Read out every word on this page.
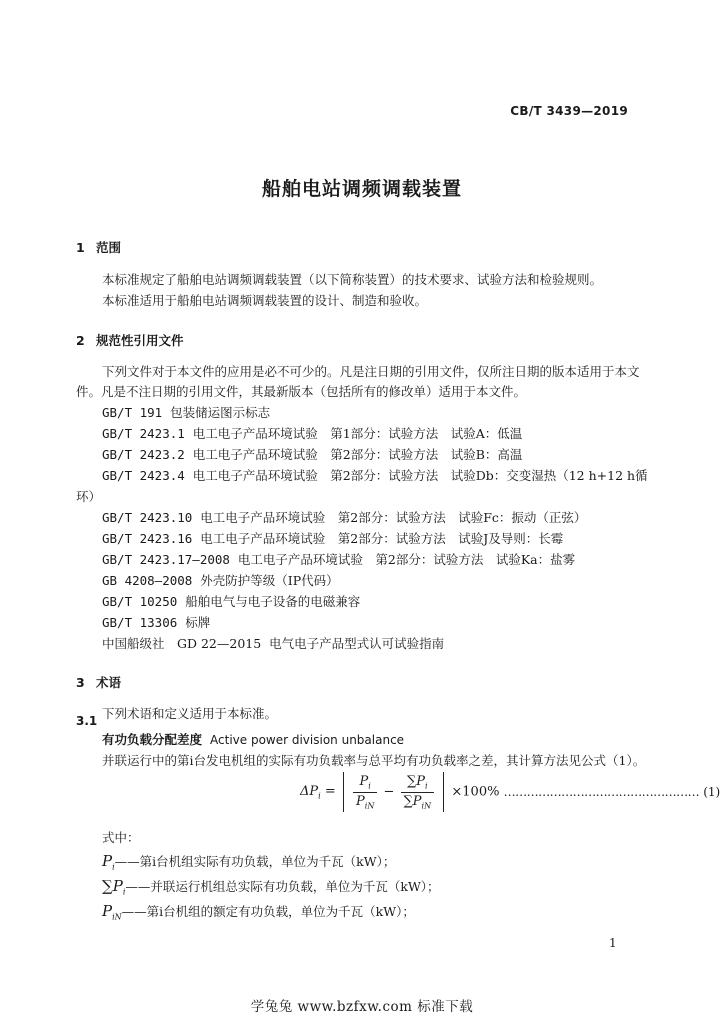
CB/T 3439—2019
船舶电站调频调载装置
1 范围
本标准规定了船舶电站调频调载装置（以下简称装置）的技术要求、试验方法和检验规则。
本标准适用于船舶电站调频调载装置的设计、制造和验收。
2 规范性引用文件
下列文件对于本文件的应用是必不可少的。凡是注日期的引用文件，仅所注日期的版本适用于本文
件。凡是不注日期的引用文件，其最新版本（包括所有的修改单）适用于本文件。
GB/T 191 包装储运图示标志
GB/T 2423.1 电工电子产品环境试验　第1部分：试验方法　试验A：低温
GB/T 2423.2 电工电子产品环境试验　第2部分：试验方法　试验B：高温
GB/T 2423.4 电工电子产品环境试验　第2部分：试验方法　试验Db：交变湿热（12 h+12 h循
环）
GB/T 2423.10 电工电子产品环境试验　第2部分：试验方法　试验Fc：振动（正弦）
GB/T 2423.16 电工电子产品环境试验　第2部分：试验方法　试验J及导则：长霉
GB/T 2423.17—2008 电工电子产品环境试验　第2部分：试验方法　试验Ka：盐雾
GB 4208—2008 外壳防护等级（IP代码）
GB/T 10250 船舶电气与电子设备的电磁兼容
GB/T 13306 标牌
中国船级社　GD 22—2015 电气电子产品型式认可试验指南
3 术语
下列术语和定义适用于本标准。
3.1
有功负载分配差度 Active power division unbalance
并联运行中的第i台发电机组的实际有功负载率与总平均有功负载率之差，其计算方法见公式（1）。
$\Delta P_i = \frac{P_i}{P_{iN}} - \frac{\sum P_i}{\sum P_{iN}} \times 100\%$ …………………………………………… (1)
式中：
$P_i——$第i台机组实际有功负载，单位为千瓦（kW）；
$\sum P_i——$并联运行机组总实际有功负载，单位为千瓦（kW）；
$P_{iN}——$第i台机组的额定有功负载，单位为千瓦（kW）；
1
学兔兔 www.bzfxw.com 标准下载
